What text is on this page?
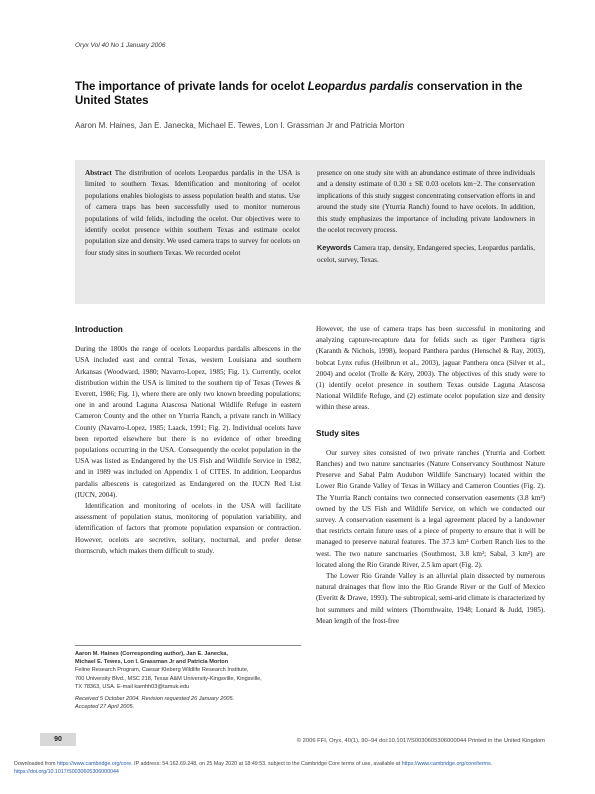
Oryx Vol 40 No 1 January 2006
The importance of private lands for ocelot Leopardus pardalis conservation in the United States
Aaron M. Haines, Jan E. Janecka, Michael E. Tewes, Lon I. Grassman Jr and Patricia Morton
Abstract The distribution of ocelots Leopardus pardalis in the USA is limited to southern Texas. Identification and monitoring of ocelot populations enables biologists to assess population health and status. Use of camera traps has been successfully used to monitor numerous populations of wild felids, including the ocelot. Our objectives were to identify ocelot presence within southern Texas and estimate ocelot population size and density. We used camera traps to survey for ocelots on four study sites in southern Texas. We recorded ocelot

presence on one study site with an abundance estimate of three individuals and a density estimate of 0.30 ± SE 0.03 ocelots km−2. The conservation implications of this study suggest concentrating conservation efforts in and around the study site (Yturria Ranch) found to have ocelots. In addition, this study emphasizes the importance of including private landowners in the ocelot recovery process.

Keywords Camera trap, density, Endangered species, Leopardus pardalis, ocelot, survey, Texas.

Introduction

During the 1800s the range of ocelots Leopardus pardalis albescens in the USA included east and central Texas, western Louisiana and southern Arkansas (Woodward, 1980; Navarro-Lopez, 1985; Fig. 1). Currently, ocelot distribution within the USA is limited to the southern tip of Texas (Tewes & Everett, 1986; Fig. 1), where there are only two known breeding populations; one in and around Laguna Atascosa National Wildlife Refuge in eastern Cameron County and the other on Yturria Ranch, a private ranch in Willacy County (Navarro-Lopez, 1985; Laack, 1991; Fig. 2). Individual ocelots have been reported elsewhere but there is no evidence of other breeding populations occurring in the USA. Consequently the ocelot population in the USA was listed as Endangered by the US Fish and Wildlife Service in 1982, and in 1989 was included on Appendix 1 of CITES. In addition, Leopardus pardalis albescens is categorized as Endangered on the IUCN Red List (IUCN, 2004).

Identification and monitoring of ocelots in the USA will facilitate assessment of population status, monitoring of population variability, and identification of factors that promote population expansion or contraction. However, ocelots are secretive, solitary, nocturnal, and prefer dense thornscrub, which makes them difficult to study.

However, the use of camera traps has been successful in monitoring and analyzing capture-recapture data for felids such as tiger Panthera tigris (Karanth & Nichols, 1998), leopard Panthera pardus (Henschel & Ray, 2003), bobcat Lynx rufus (Heilbrun et al., 2003), jaguar Panthera onca (Silver et al., 2004) and ocelot (Trolle & Kéry, 2003). The objectives of this study were to (1) identify ocelot presence in southern Texas outside Laguna Atascosa National Wildlife Refuge, and (2) estimate ocelot population size and density within these areas.

Study sites

Our survey sites consisted of two private ranches (Yturria and Corbett Ranches) and two nature sanctuaries (Nature Conservancy Southmost Nature Preserve and Sabal Palm Audubon Wildlife Sanctuary) located within the Lower Rio Grande Valley of Texas in Willacy and Cameron Counties (Fig. 2). The Yturria Ranch contains two connected conservation easements (3.8 km²) owned by the US Fish and Wildlife Service, on which we conducted our survey. A conservation easement is a legal agreement placed by a landowner that restricts certain future uses of a piece of property to ensure that it will be managed to preserve natural features. The 37.3 km² Corbett Ranch lies to the west. The two nature sanctuaries (Southmost, 3.8 km²; Sabal, 3 km²) are located along the Rio Grande River, 2.5 km apart (Fig. 2).

The Lower Rio Grande Valley is an alluvial plain dissected by numerous natural drainages that flow into the Rio Grande River or the Gulf of Mexico (Everitt & Drawe, 1993). The subtropical, semi-arid climate is characterized by hot summers and mild winters (Thornthwaite, 1948; Lonard & Judd, 1985). Mean length of the frost-free

Aaron M. Haines (Corresponding author), Jan E. Janecka,
Michael E. Tewes, Lon I. Grassman Jr and Patricia Morton
Feline Research Program, Caesar Kleberg Wildlife Research Institute,
700 University Blvd., MSC 218, Texas A&M University-Kingsville, Kingsville,
TX 78363, USA. E-mail kamhh03@tamuk.edu
Received 5 October 2004. Revision requested 26 January 2005.
Accepted 27 April 2005.
90	© 2006 FFI, Oryx, 40(1), 90–94 doi:10.1017/S0030605306000044 Printed in the United Kingdom
Downloaded from https://www.cambridge.org/core. IP address: 54.162.69.248, on 25 May 2020 at 18:49:53, subject to the Cambridge Core terms of use, available at https://www.cambridge.org/core/terms. https://doi.org/10.1017/S0030605306000044
